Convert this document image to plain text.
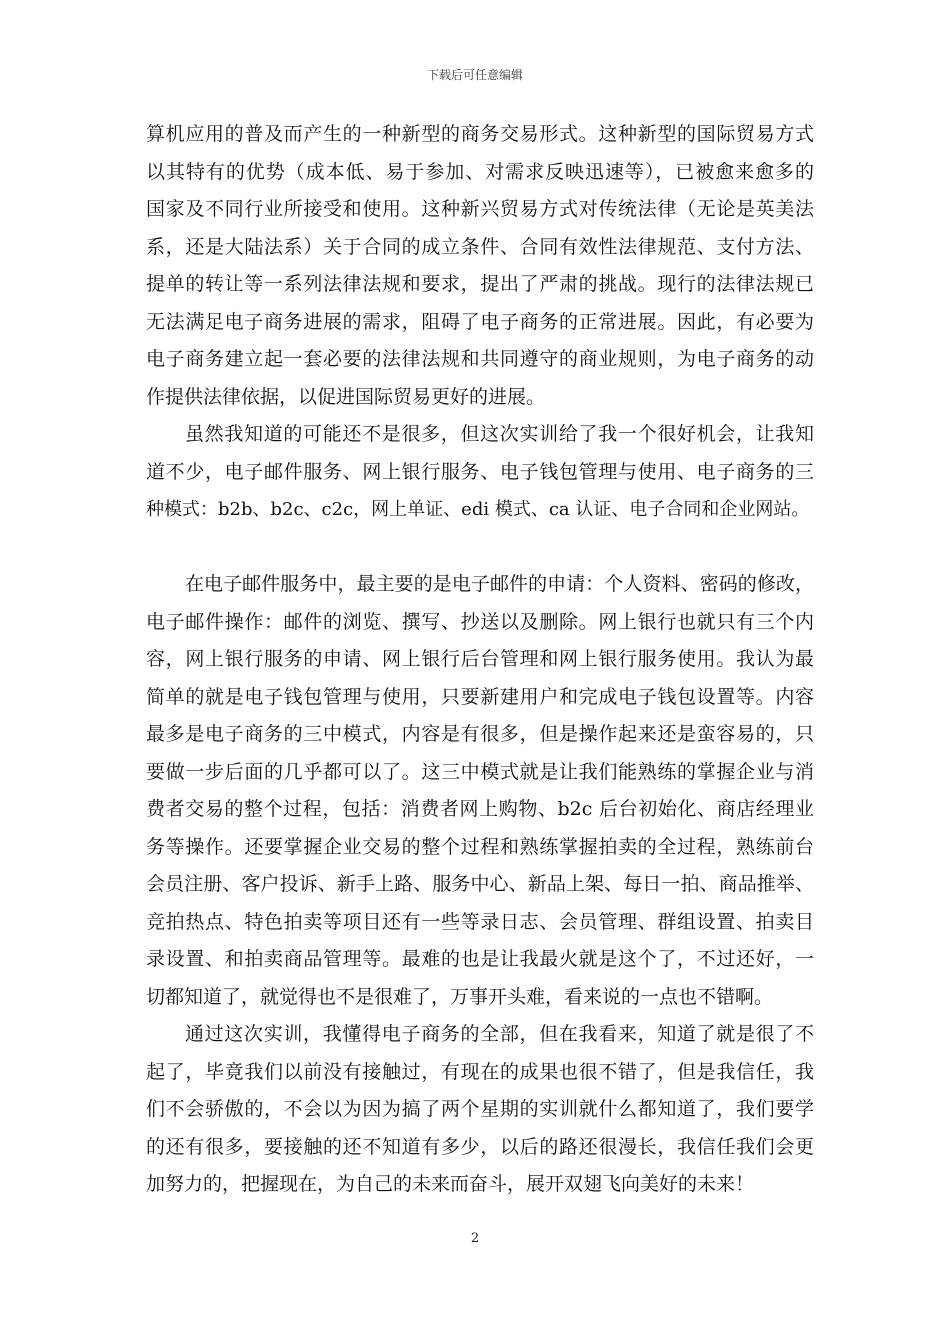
下载后可任意编辑
算机应用的普及而产生的一种新型的商务交易形式。这种新型的国际贸易方式
以其特有的优势（成本低、易于参加、对需求反映迅速等），已被愈来愈多的
国家及不同行业所接受和使用。这种新兴贸易方式对传统法律（无论是英美法
系，还是大陆法系）关于合同的成立条件、合同有效性法律规范、支付方法、
提单的转让等一系列法律法规和要求，提出了严肃的挑战。现行的法律法规已
无法满足电子商务进展的需求，阻碍了电子商务的正常进展。因此，有必要为
电子商务建立起一套必要的法律法规和共同遵守的商业规则，为电子商务的动
作提供法律依据，以促进国际贸易更好的进展。
虽然我知道的可能还不是很多，但这次实训给了我一个很好机会，让我知
道不少，电子邮件服务、网上银行服务、电子钱包管理与使用、电子商务的三
种模式：b2b、b2c、c2c，网上单证、edi 模式、ca 认证、电子合同和企业网站。
在电子邮件服务中，最主要的是电子邮件的申请：个人资料、密码的修改，
电子邮件操作：邮件的浏览、撰写、抄送以及删除。网上银行也就只有三个内
容，网上银行服务的申请、网上银行后台管理和网上银行服务使用。我认为最
简单的就是电子钱包管理与使用，只要新建用户和完成电子钱包设置等。内容
最多是电子商务的三中模式，内容是有很多，但是操作起来还是蛮容易的，只
要做一步后面的几乎都可以了。这三中模式就是让我们能熟练的掌握企业与消
费者交易的整个过程，包括：消费者网上购物、b2c 后台初始化、商店经理业
务等操作。还要掌握企业交易的整个过程和熟练掌握拍卖的全过程，熟练前台
会员注册、客户投诉、新手上路、服务中心、新品上架、每日一拍、商品推举、
竞拍热点、特色拍卖等项目还有一些等录日志、会员管理、群组设置、拍卖目
录设置、和拍卖商品管理等。最难的也是让我最火就是这个了，不过还好，一
切都知道了，就觉得也不是很难了，万事开头难，看来说的一点也不错啊。
通过这次实训，我懂得电子商务的全部，但在我看来，知道了就是很了不
起了，毕竟我们以前没有接触过，有现在的成果也很不错了，但是我信任，我
们不会骄傲的，不会以为因为搞了两个星期的实训就什么都知道了，我们要学
的还有很多，要接触的还不知道有多少，以后的路还很漫长，我信任我们会更
加努力的，把握现在，为自己的未来而奋斗，展开双翅飞向美好的未来！
2
